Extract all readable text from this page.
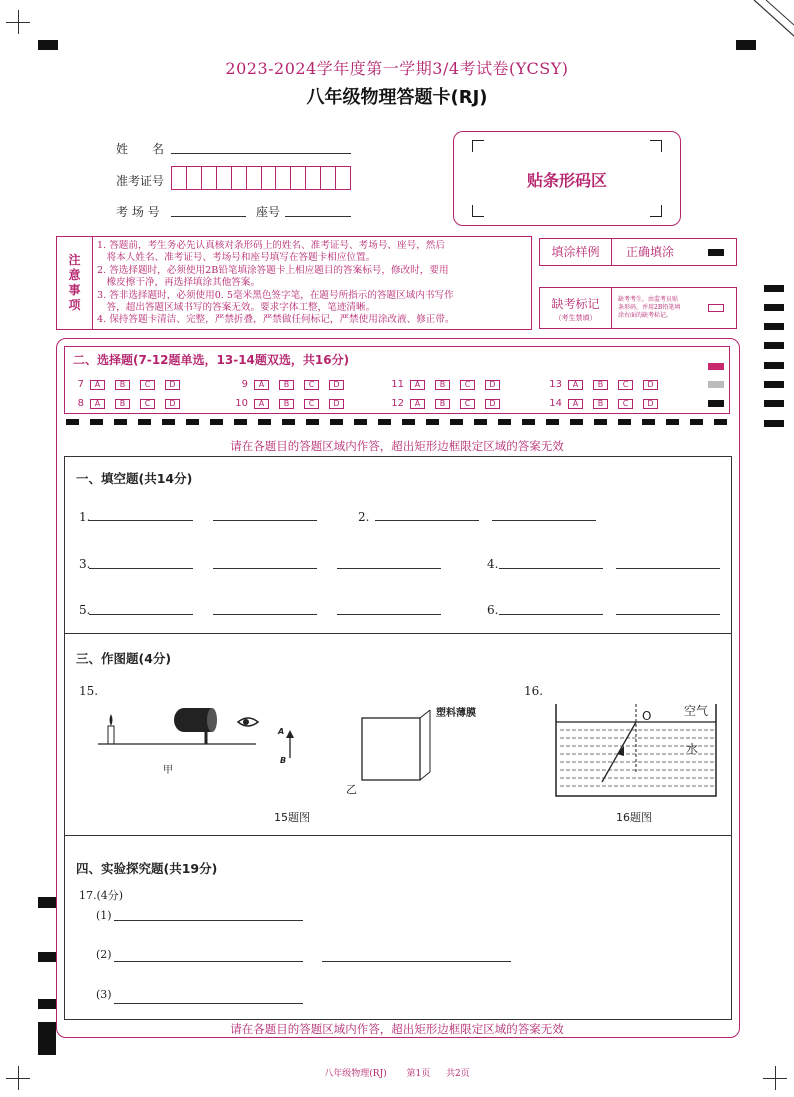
2023-2024学年度第一学期3/4考试卷(YCSY)
八年级物理答题卡(RJ)
姓　　名
准考证号
考 场 号	座号
贴条形码区
注
意
事
项
1. 答题前，考生务必先认真核对条形码上的姓名、准考证号、考场号、座号，然后
　将本人姓名、准考证号、考场号和座号填写在答题卡相应位置。
2. 答选择题时，必须使用2B铅笔填涂答题卡上相应题目的答案标号，修改时，要用
　橡皮擦干净，再选择填涂其他答案。
3. 答非选择题时，必须使用0. 5毫米黑色签字笔，在题号所指示的答题区域内书写作
　答，超出答题区域书写的答案无效。要求字体工整，笔迹清晰。
4. 保持答题卡清洁、完整，严禁折叠，严禁做任何标记，严禁使用涂改液、修正带。
填涂样例	正确填涂
缺考标记
（考生禁填）
缺考考生，由监考员贴
条形码，并用2B铅笔填
涂右面的缺考标记。
二、选择题(7-12题单选，13-14题双选，共16分)
7	A	B	C	D	9	A	B	C	D	11	A	B	C	D	13	A	B	C	D
8	A	B	C	D	10	A	B	C	D	12	A	B	C	D	14	A	B	C	D
请在各题目的答题区域内作答，超出矩形边框限定区域的答案无效
一、填空题(共14分)
1.	2.
3.	4.
5.	6.
三、作图题(4分)
15.	16.
甲
A
B
塑料薄膜
乙
15题图
O	空气
水
16题图
四、实验探究题(共19分)
17.(4分)
(1)
(2)
(3)
请在各题目的答题区域内作答，超出矩形边框限定区域的答案无效
八年级物理(RJ) 第1页 共2页
